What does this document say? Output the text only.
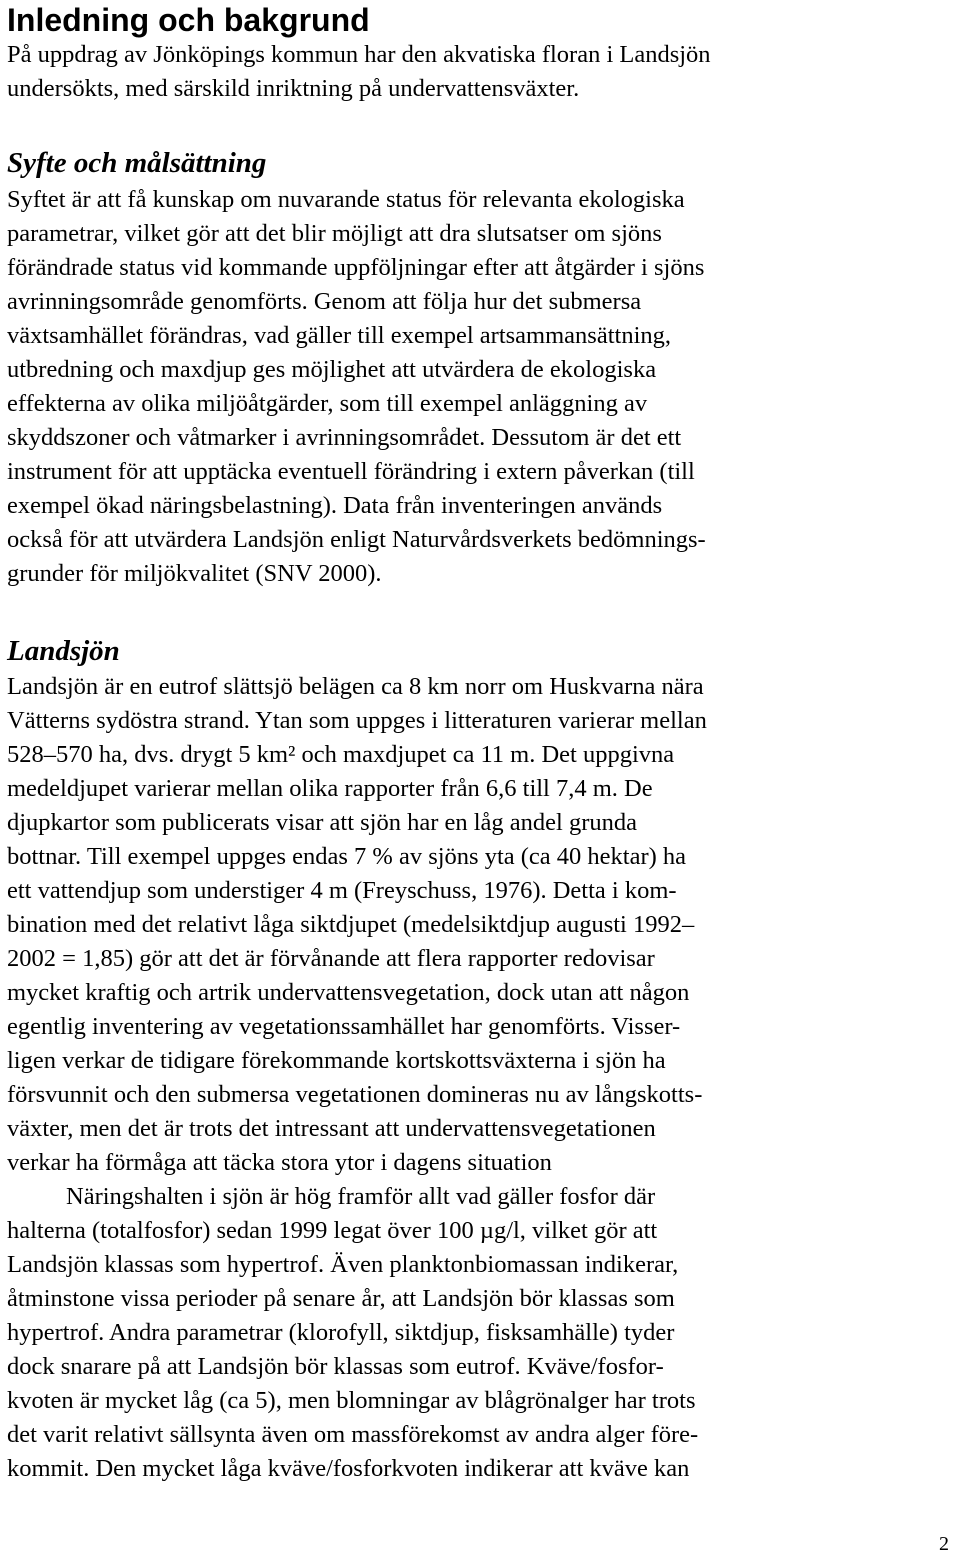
Inledning och bakgrund
På uppdrag av Jönköpings kommun har den akvatiska floran i Landsjön
undersökts, med särskild inriktning på undervattensväxter.
Syfte och målsättning
Syftet är att få kunskap om nuvarande status för relevanta ekologiska
parametrar, vilket gör att det blir möjligt att dra slutsatser om sjöns
förändrade status vid kommande uppföljningar efter att åtgärder i sjöns
avrinningsområde genomförts. Genom att följa hur det submersa
växtsamhället förändras, vad gäller till exempel artsammansättning,
utbredning och maxdjup ges möjlighet att utvärdera de ekologiska
effekterna av olika miljöåtgärder, som till exempel anläggning av
skyddszoner och våtmarker i avrinningsområdet. Dessutom är det ett
instrument för att upptäcka eventuell förändring i extern påverkan (till
exempel ökad näringsbelastning). Data från inventeringen används
också för att utvärdera Landsjön enligt Naturvårdsverkets bedömnings-
grunder för miljökvalitet (SNV 2000).
Landsjön
Landsjön är en eutrof slättsjö belägen ca 8 km norr om Huskvarna nära
Vätterns sydöstra strand. Ytan som uppges i litteraturen varierar mellan
528–570 ha, dvs. drygt 5 km² och maxdjupet ca 11 m. Det uppgivna
medeldjupet varierar mellan olika rapporter från 6,6 till 7,4 m. De
djupkartor som publicerats visar att sjön har en låg andel grunda
bottnar. Till exempel uppges endas 7 % av sjöns yta (ca 40 hektar) ha
ett vattendjup som understiger 4 m (Freyschuss, 1976). Detta i kom-
bination med det relativt låga siktdjupet (medelsiktdjup augusti 1992–
2002 = 1,85) gör att det är förvånande att flera rapporter redovisar
mycket kraftig och artrik undervattensvegetation, dock utan att någon
egentlig inventering av vegetationssamhället har genomförts. Visser-
ligen verkar de tidigare förekommande kortskottsväxterna i sjön ha
försvunnit och den submersa vegetationen domineras nu av långskotts-
växter, men det är trots det intressant att undervattensvegetationen
verkar ha förmåga att täcka stora ytor i dagens situation
Näringshalten i sjön är hög framför allt vad gäller fosfor där
halterna (totalfosfor) sedan 1999 legat över 100 µg/l, vilket gör att
Landsjön klassas som hypertrof. Även planktonbiomassan indikerar,
åtminstone vissa perioder på senare år, att Landsjön bör klassas som
hypertrof. Andra parametrar (klorofyll, siktdjup, fisksamhälle) tyder
dock snarare på att Landsjön bör klassas som eutrof. Kväve/fosfor-
kvoten är mycket låg (ca 5), men blomningar av blågrönalger har trots
det varit relativt sällsynta även om massförekomst av andra alger före-
kommit. Den mycket låga kväve/fosforkvoten indikerar att kväve kan
2
